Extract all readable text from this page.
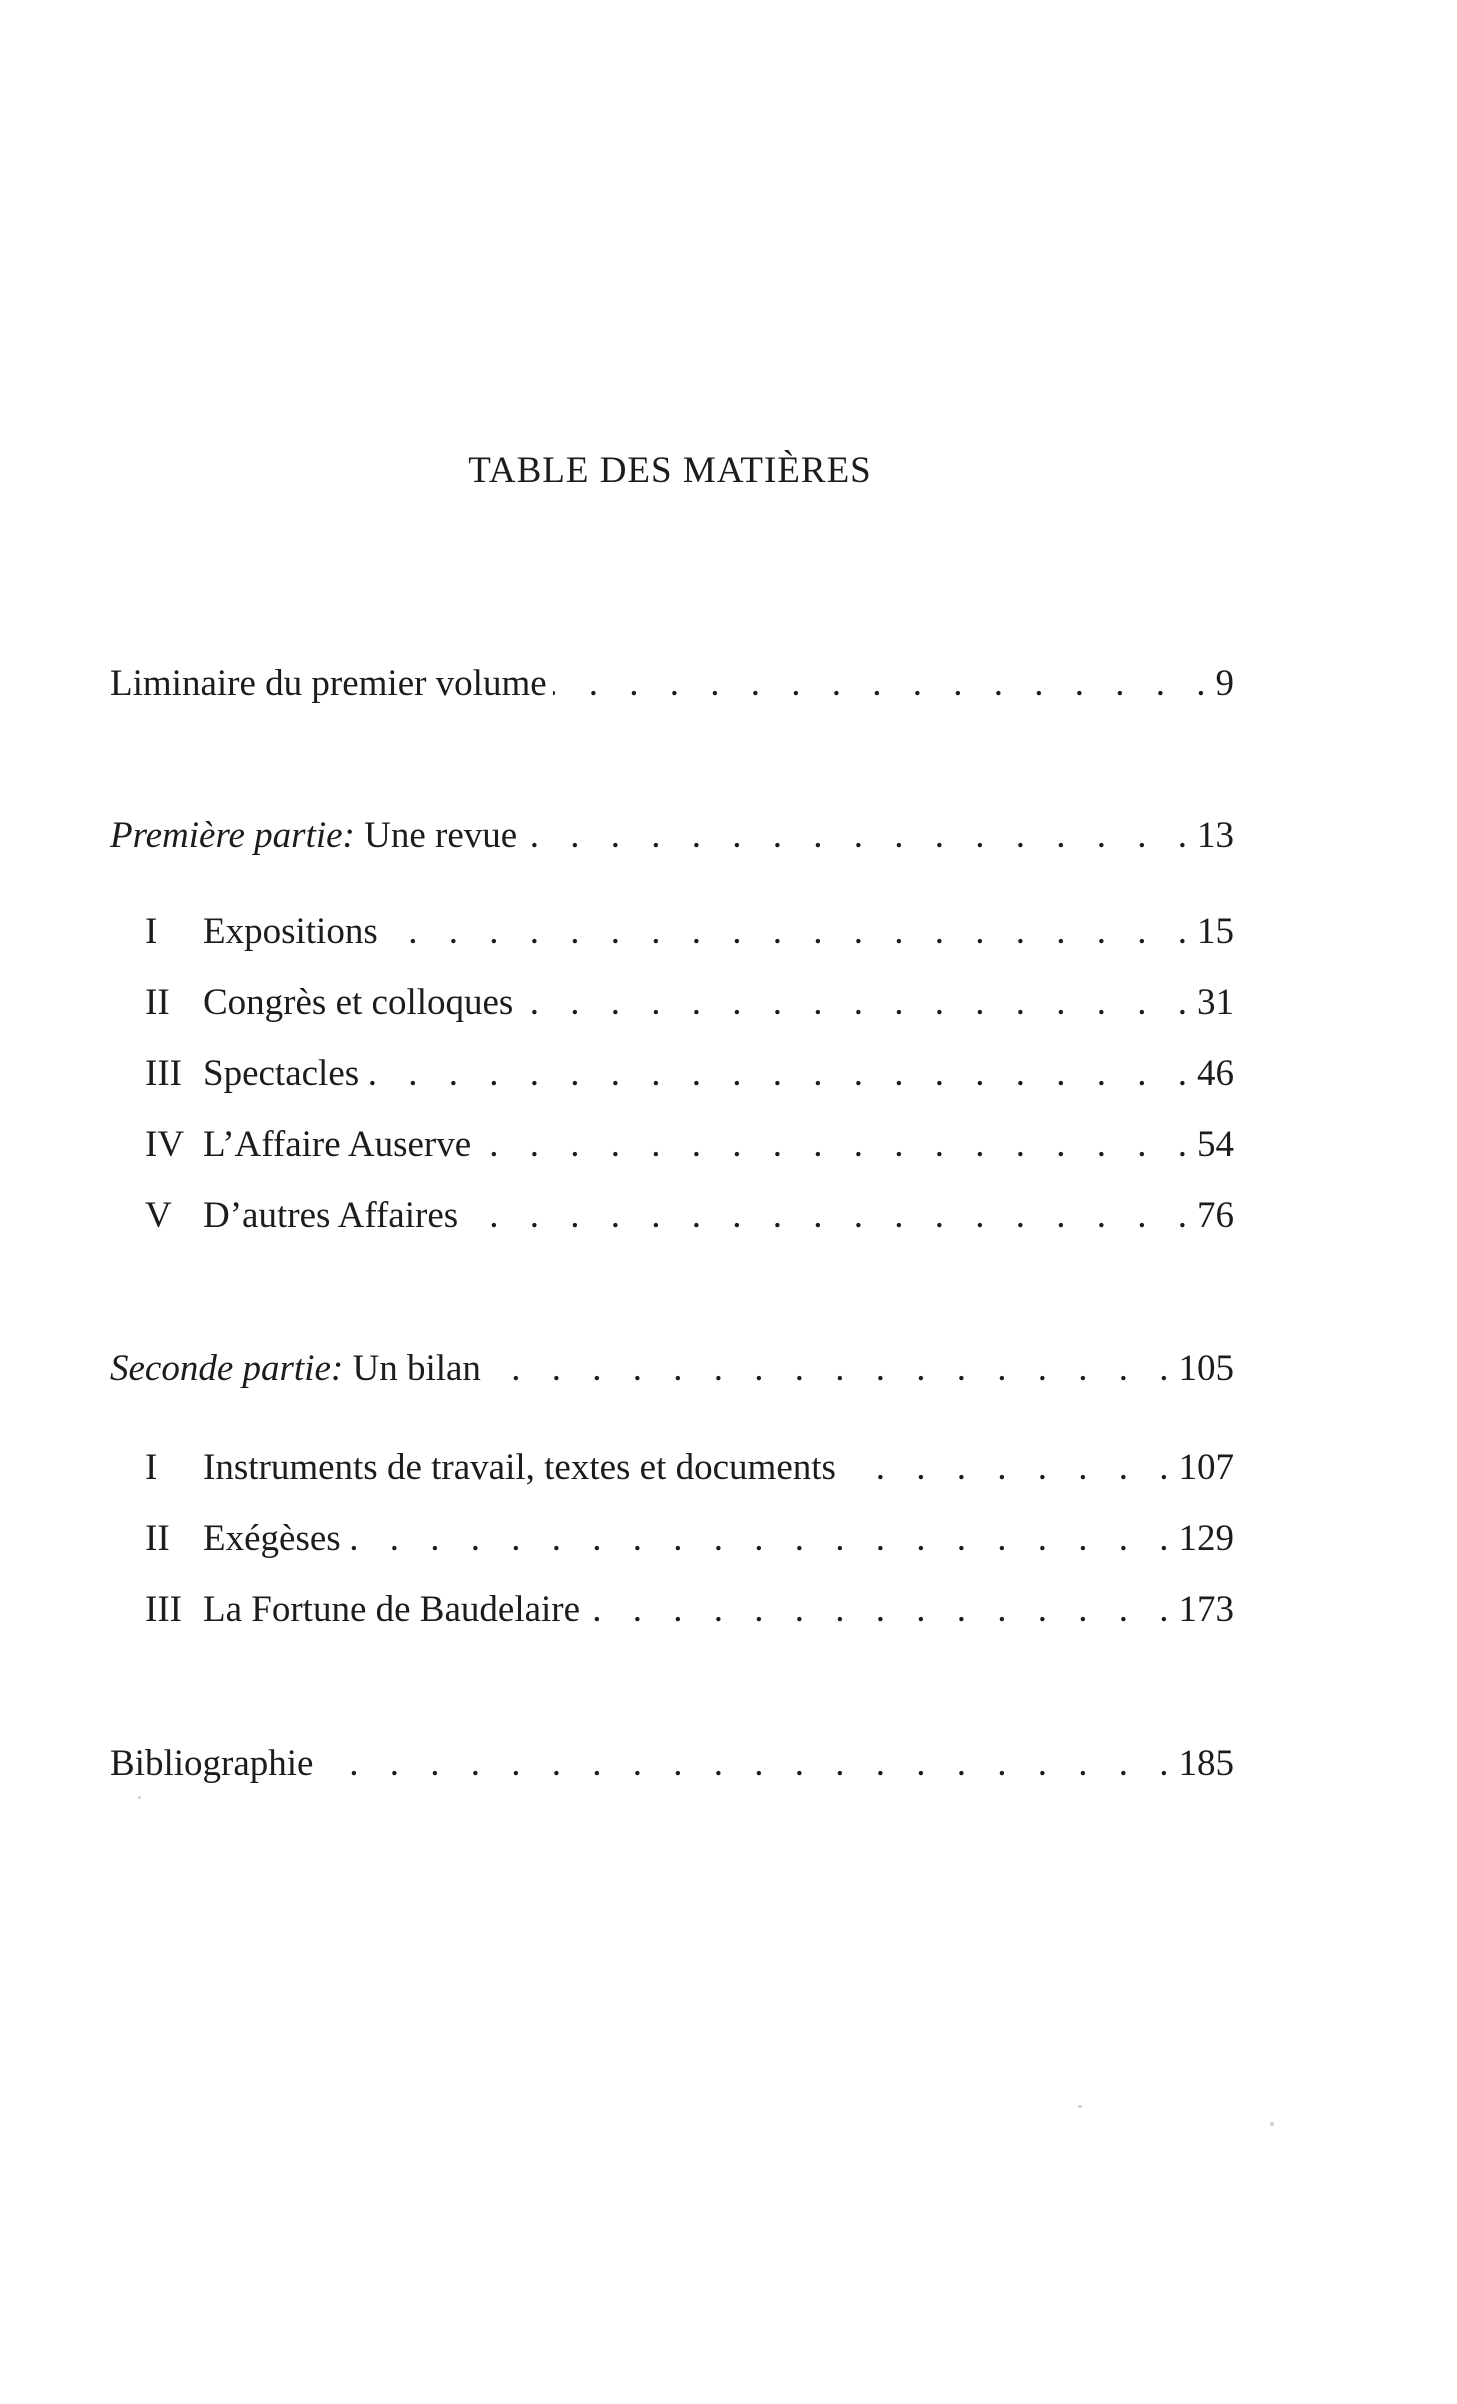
TABLE DES MATIÈRES
Liminaire du premier volume . . .	9
Première partie: Une revue . . .	13
I Expositions . . .	15
II Congrès et colloques . . .	31
III Spectacles . . .	46
IV L’Affaire Auserve . . .	54
V D’autres Affaires . . .	76
Seconde partie: Un bilan . . .	105
I Instruments de travail, textes et documents . . .	107
II Exégèses . . .	129
III La Fortune de Baudelaire . . .	173
Bibliographie . . .	185
